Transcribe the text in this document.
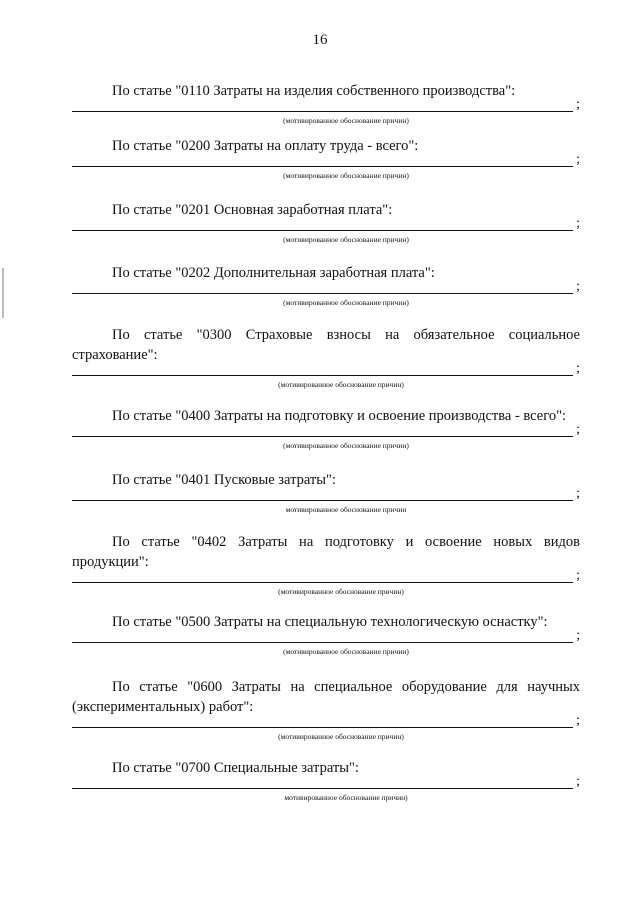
16

По статье "0110 Затраты на изделия собственного производства":

;
(мотивированное обоснование причин)

По статье "0200 Затраты на оплату труда - всего":

;
(мотивированное обоснование причин)

По статье "0201 Основная заработная плата":

;
(мотивированное обоснование причин)

По статье "0202 Дополнительная заработная плата":

;
(мотивированное обоснование причин)

По статье "0300 Страховые взносы на обязательное социальное страхование":

;
(мотивированное обоснование причин)

По статье "0400 Затраты на подготовку и освоение производства - всего":

;
(мотивированное обоснование причин)

По статье "0401 Пусковые затраты":

;
мотивированное обоснование причин

По статье "0402 Затраты на подготовку и освоение новых видов продукции":

;
(мотивированное обоснование причин)

По статье "0500 Затраты на специальную технологическую оснастку":

;
(мотивированное обоснование причин)

По статье "0600 Затраты на специальное оборудование для научных (экспериментальных) работ":

;
(мотивированное обоснование причин)

По статье "0700 Специальные затраты":

;
мотивированное обоснование причин)
